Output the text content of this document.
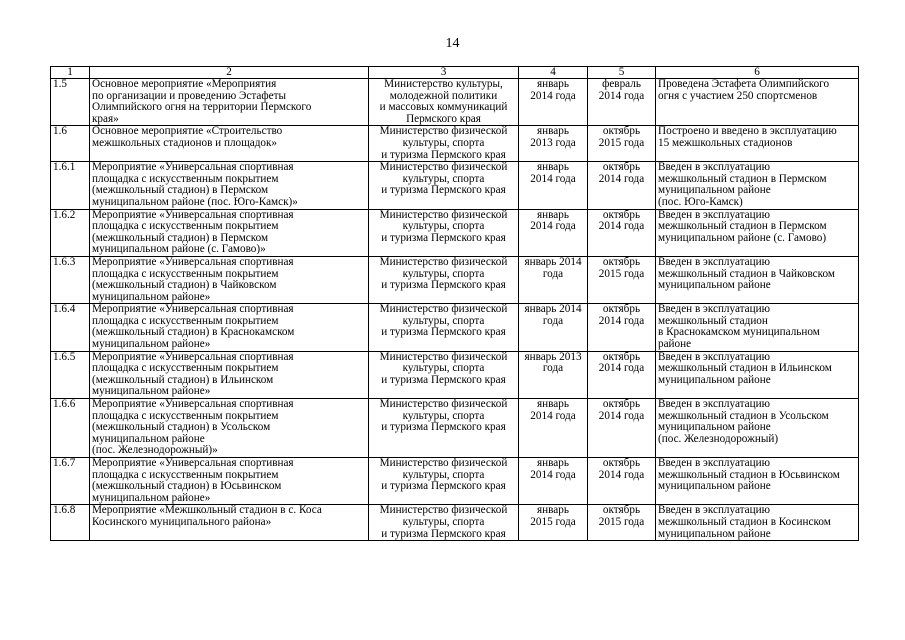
14
1	2	3	4	5	6
1.5	Основное мероприятие «Мероприятия
по организации и проведению Эстафеты
Олимпийского огня на территории Пермского
края»	Министерство культуры,
молодежной политики
и массовых коммуникаций
Пермского края	январь
2014 года	февраль
2014 года	Проведена Эстафета Олимпийского
огня с участием 250 спортсменов

1.6	Основное мероприятие «Строительство
межшкольных стадионов и площадок»	Министерство физической
культуры, спорта
и туризма Пермского края	январь
2013 года	октябрь
2015 года	Построено и введено в эксплуатацию
15 межшкольных стадионов

1.6.1	Мероприятие «Универсальная спортивная
площадка с искусственным покрытием
(межшкольный стадион) в Пермском
муниципальном районе (пос. Юго-Камск)»	Министерство физической
культуры, спорта
и туризма Пермского края	январь
2014 года	октябрь
2014 года	Введен в эксплуатацию
межшкольный стадион в Пермском
муниципальном районе
(пос. Юго-Камск)

1.6.2	Мероприятие «Универсальная спортивная
площадка с искусственным покрытием
(межшкольный стадион) в Пермском
муниципальном районе (с. Гамово)»	Министерство физической
культуры, спорта
и туризма Пермского края	январь
2014 года	октябрь
2014 года	Введен в эксплуатацию
межшкольный стадион в Пермском
муниципальном районе (с. Гамово)

1.6.3	Мероприятие «Универсальная спортивная
площадка с искусственным покрытием
(межшкольный стадион) в Чайковском
муниципальном районе»	Министерство физической
культуры, спорта
и туризма Пермского края	январь 2014
года	октябрь
2015 года	Введен в эксплуатацию
межшкольный стадион в Чайковском
муниципальном районе

1.6.4	Мероприятие «Универсальная спортивная
площадка с искусственным покрытием
(межшкольный стадион) в Краснокамском
муниципальном районе»	Министерство физической
культуры, спорта
и туризма Пермского края	январь 2014
года	октябрь
2014 года	Введен в эксплуатацию
межшкольный стадион
в Краснокамском муниципальном
районе

1.6.5	Мероприятие «Универсальная спортивная
площадка с искусственным покрытием
(межшкольный стадион) в Ильинском
муниципальном районе»	Министерство физической
культуры, спорта
и туризма Пермского края	январь 2013
года	октябрь
2014 года	Введен в эксплуатацию
межшкольный стадион в Ильинском
муниципальном районе

1.6.6	Мероприятие «Универсальная спортивная
площадка с искусственным покрытием
(межшкольный стадион) в Усольском
муниципальном районе
(пос. Железнодорожный)»	Министерство физической
культуры, спорта
и туризма Пермского края	январь
2014 года	октябрь
2014 года	Введен в эксплуатацию
межшкольный стадион в Усольском
муниципальном районе
(пос. Железнодорожный)

1.6.7	Мероприятие «Универсальная спортивная
площадка с искусственным покрытием
(межшкольный стадион) в Юсьвинском
муниципальном районе»	Министерство физической
культуры, спорта
и туризма Пермского края	январь
2014 года	октябрь
2014 года	Введен в эксплуатацию
межшкольный стадион в Юсьвинском
муниципальном районе

1.6.8	Мероприятие «Межшкольный стадион в с. Коса
Косинского муниципального района»	Министерство физической
культуры, спорта
и туризма Пермского края	январь
2015 года	октябрь
2015 года	Введен в эксплуатацию
межшкольный стадион в Косинском
муниципальном районе
